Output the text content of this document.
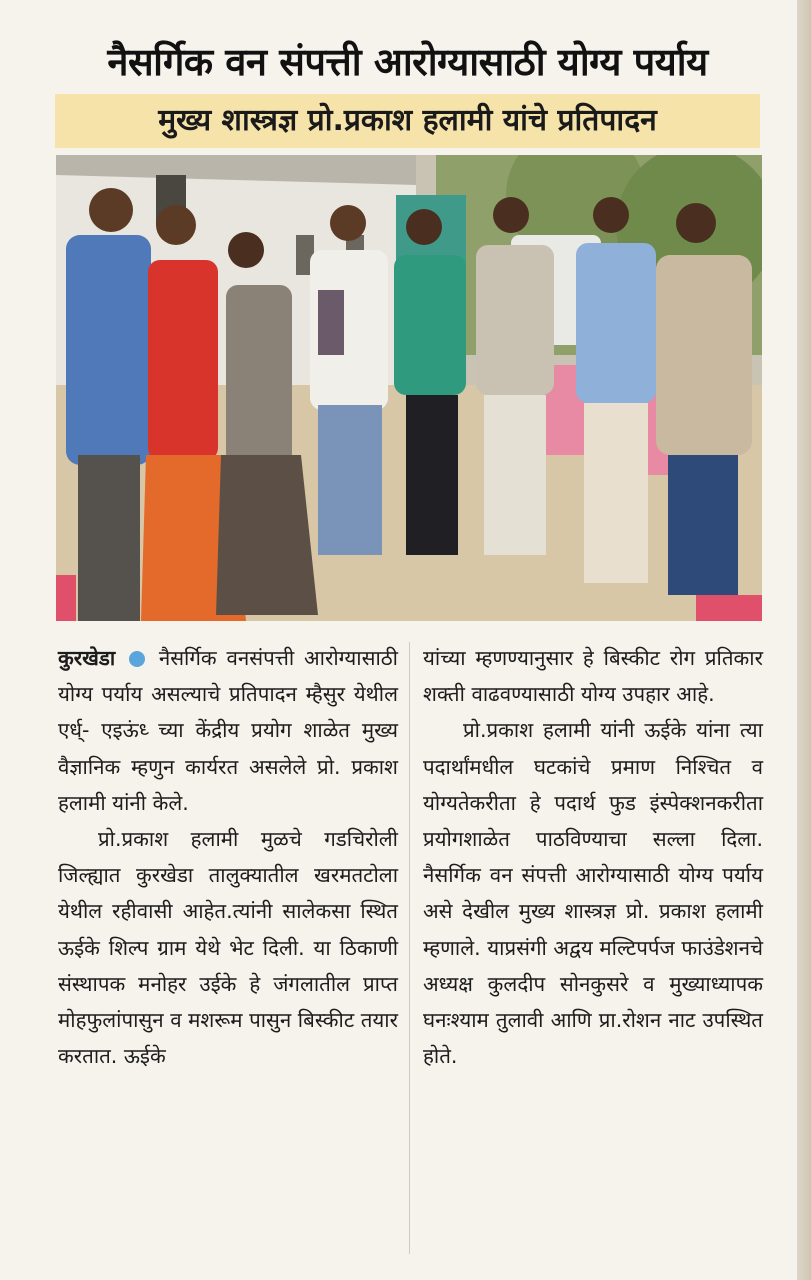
नैसर्गिक वन संपत्ती आरोग्यासाठी योग्य पर्याय
मुख्य शास्त्रज्ञ प्रो.प्रकाश हलामी यांचे प्रतिपादन

कुरखेडा नैसर्गिक वनसंपत्ती आरोग्यासाठी योग्य पर्याय असल्याचे प्रतिपादन म्हैसुर येथील एर्ध्- एइऊंध्‍ च्या केंद्रीय प्रयोग शाळेत मुख्य वैज्ञानिक म्हणुन कार्यरत असलेले प्रो. प्रकाश हलामी यांनी केले.

प्रो.प्रकाश हलामी मुळचे गडचिरोली जिल्ह्यात कुरखेडा तालुक्यातील खरमतटोला येथील रहीवासी आहेत.त्यांनी सालेकसा स्थित ऊईके शिल्प ग्राम येथे भेट दिली. या ठिकाणी संस्थापक मनोहर उईके हे जंगलातील प्राप्त मोहफुलांपासुन व मशरूम पासुन बिस्कीट तयार करतात. ऊईके

यांच्या म्हणण्यानुसार हे बिस्कीट रोग प्रतिकार शक्ती वाढवण्यासाठी योग्य उपहार आहे.

प्रो.प्रकाश हलामी यांनी ऊईके यांना त्या पदार्थांमधील घटकांचे प्रमाण निश्चित व योग्यतेकरीता हे पदार्थ फुड इंस्पेक्शनकरीता प्रयोगशाळेत पाठविण्याचा सल्ला दिला. नैसर्गिक वन संपत्ती आरोग्यासाठी योग्य पर्याय असे देखील मुख्य शास्त्रज्ञ प्रो. प्रकाश हलामी म्हणाले. याप्रसंगी अद्वय मल्टिपर्पज फाउंडेशनचे अध्यक्ष कुलदीप सोनकुसरे व मुख्याध्यापक घनःश्याम तुलावी आणि प्रा.रोशन नाट उपस्थित होते.
